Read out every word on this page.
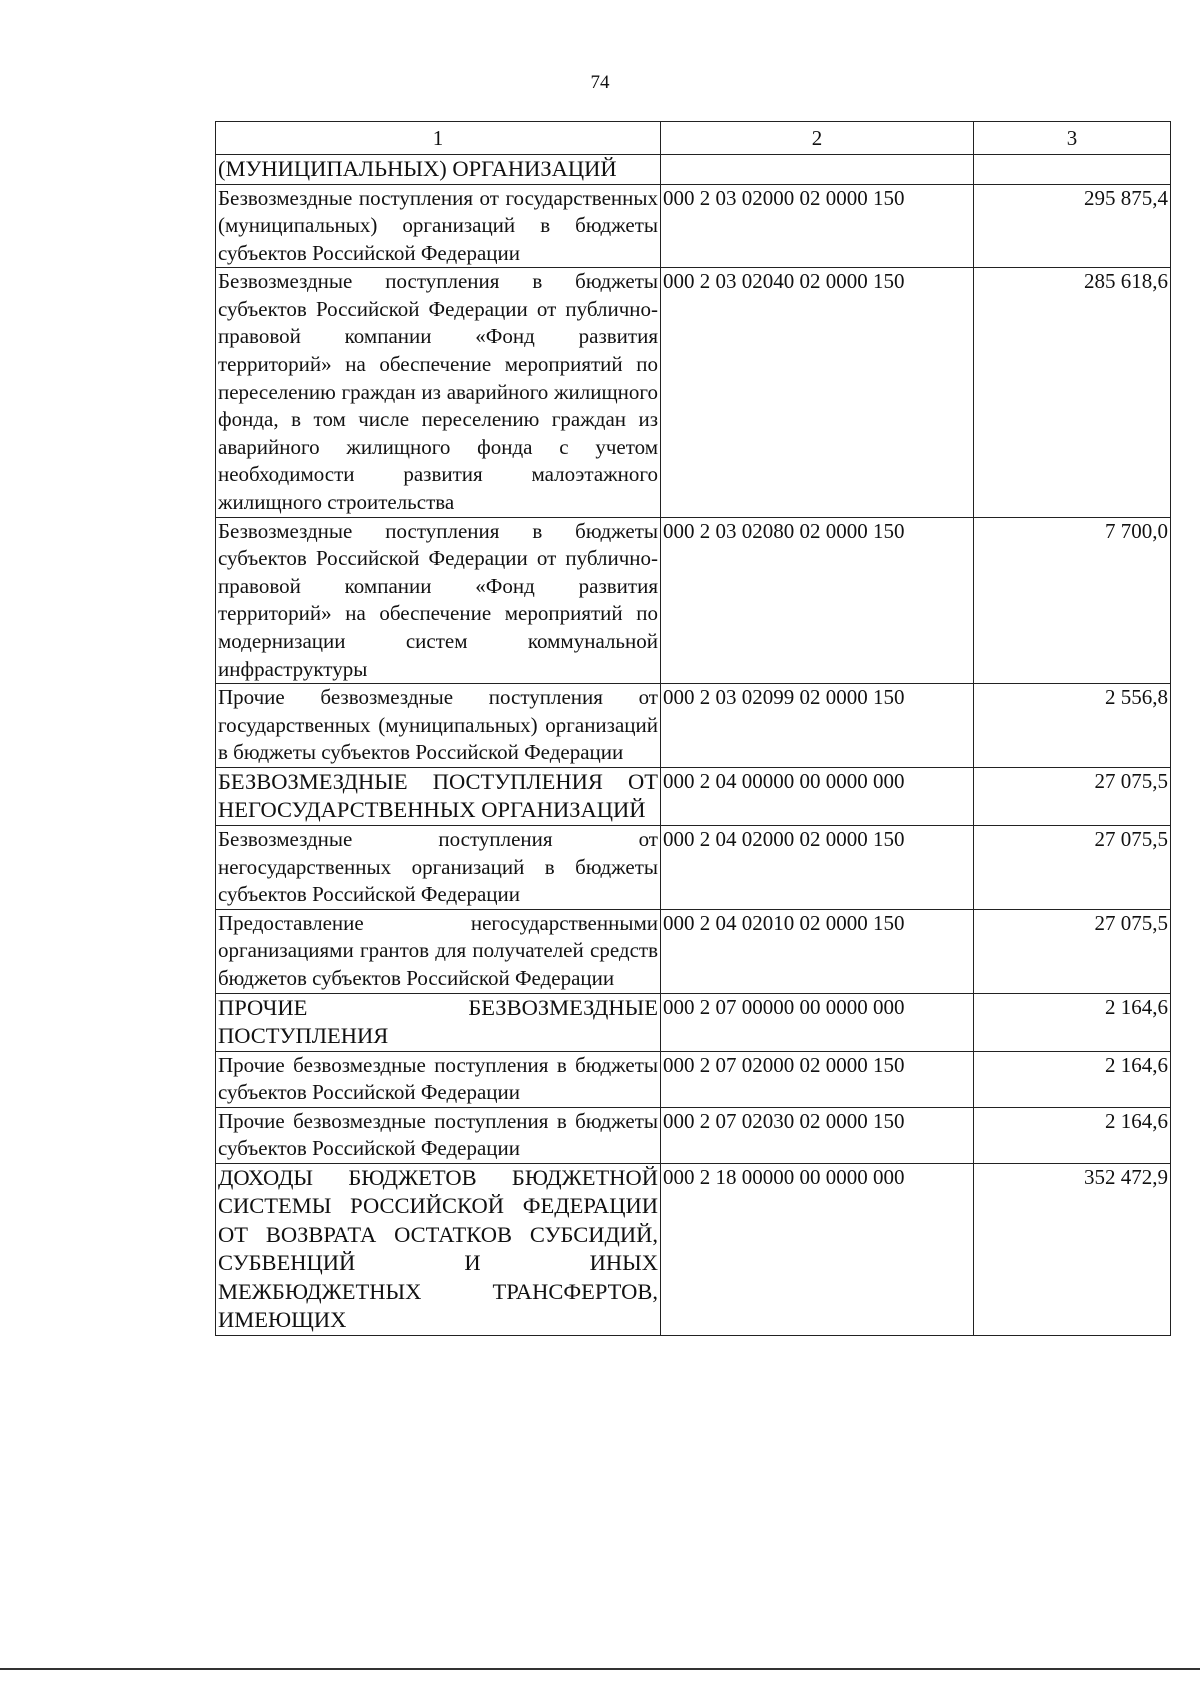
74
1	2	3
(МУНИЦИПАЛЬНЫХ) ОРГАНИЗАЦИЙ		
Безвозмездные поступления от государственных (муниципальных) организаций в бюджеты субъектов Российской Федерации	000 2 03 02000 02 0000 150	295 875,4
Безвозмездные поступления в бюджеты субъектов Российской Федерации от публично-правовой компании «Фонд развития территорий» на обеспечение мероприятий по переселению граждан из аварийного жилищного фонда, в том числе переселению граждан из аварийного жилищного фонда с учетом необходимости развития малоэтажного жилищного строительства	000 2 03 02040 02 0000 150	285 618,6
Безвозмездные поступления в бюджеты субъектов Российской Федерации от публично-правовой компании «Фонд развития территорий» на обеспечение мероприятий по модернизации систем коммунальной инфраструктуры	000 2 03 02080 02 0000 150	7 700,0
Прочие безвозмездные поступления от государственных (муниципальных) организаций в бюджеты субъектов Российской Федерации	000 2 03 02099 02 0000 150	2 556,8
БЕЗВОЗМЕЗДНЫЕ ПОСТУПЛЕНИЯ ОТ НЕГОСУДАРСТВЕННЫХ ОРГАНИЗАЦИЙ	000 2 04 00000 00 0000 000	27 075,5
Безвозмездные поступления от негосударственных организаций в бюджеты субъектов Российской Федерации	000 2 04 02000 02 0000 150	27 075,5
Предоставление негосударственными организациями грантов для получателей средств бюджетов субъектов Российской Федерации	000 2 04 02010 02 0000 150	27 075,5
ПРОЧИЕ БЕЗВОЗМЕЗДНЫЕ ПОСТУПЛЕНИЯ	000 2 07 00000 00 0000 000	2 164,6
Прочие безвозмездные поступления в бюджеты субъектов Российской Федерации	000 2 07 02000 02 0000 150	2 164,6
Прочие безвозмездные поступления в бюджеты субъектов Российской Федерации	000 2 07 02030 02 0000 150	2 164,6
ДОХОДЫ БЮДЖЕТОВ БЮДЖЕТНОЙ СИСТЕМЫ РОССИЙСКОЙ ФЕДЕРАЦИИ ОТ ВОЗВРАТА ОСТАТКОВ СУБСИДИЙ, СУБВЕНЦИЙ И ИНЫХ МЕЖБЮДЖЕТНЫХ ТРАНСФЕРТОВ, ИМЕЮЩИХ	000 2 18 00000 00 0000 000	352 472,9
